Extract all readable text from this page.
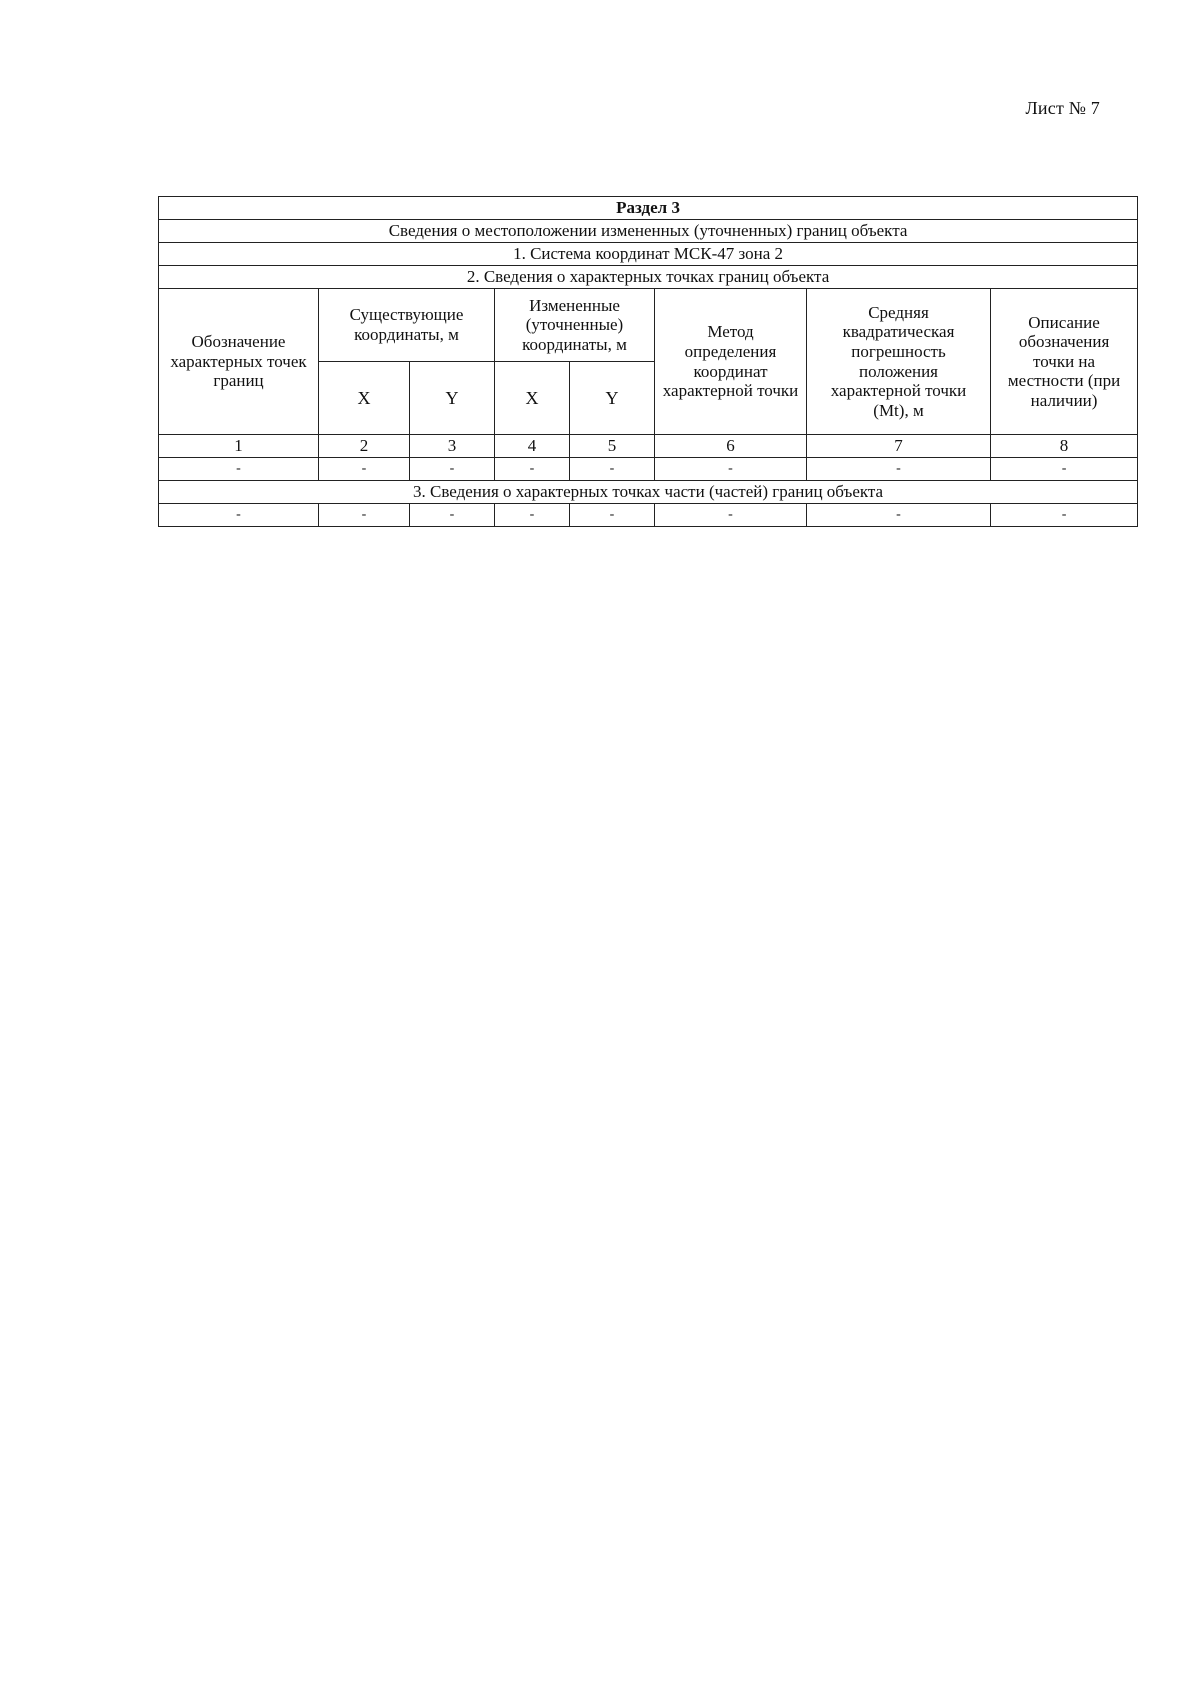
Лист № 7
Раздел 3							
Сведения о местоположении измененных (уточненных) границ объекта							
1. Система координат МСК-47 зона 2							
2. Сведения о характерных точках границ объекта							
Обозначение характерных точек границ	Существующие координаты, м		Измененные (уточненные) координаты, м		Метод определения координат характерной точки	Средняя квадратическая погрешность положения характерной точки (Mt), м	Описание обозначения точки на местности (при наличии)
	X	Y	X	Y			
1	2	3	4	5	6	7	8
-	-	-	-	-	-	-	-
3. Сведения о характерных точках части (частей) границ объекта							
-	-	-	-	-	-	-	-
